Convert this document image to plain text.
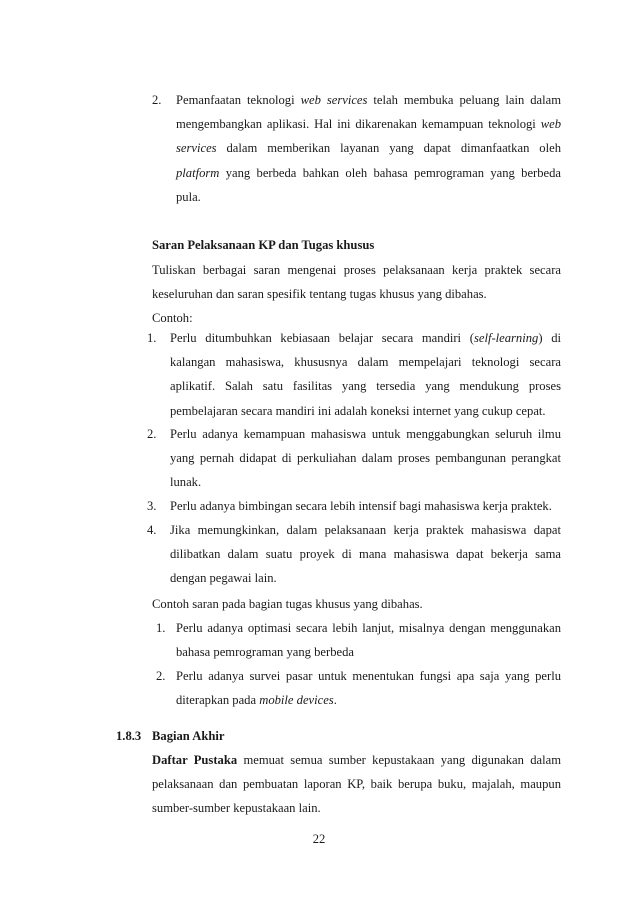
2. Pemanfaatan teknologi web services telah membuka peluang lain dalam
mengembangkan aplikasi. Hal ini dikarenakan kemampuan teknologi web
services dalam memberikan layanan yang dapat dimanfaatkan oleh
platform yang berbeda bahkan oleh bahasa pemrograman yang berbeda
pula.
Saran Pelaksanaan KP dan Tugas khusus
Tuliskan berbagai saran mengenai proses pelaksanaan kerja praktek secara
keseluruhan dan saran spesifik tentang tugas khusus yang dibahas.
Contoh:
1. Perlu ditumbuhkan kebiasaan belajar secara mandiri (self-learning) di
kalangan mahasiswa, khususnya dalam mempelajari teknologi secara
aplikatif. Salah satu fasilitas yang tersedia yang mendukung proses
pembelajaran secara mandiri ini adalah koneksi internet yang cukup cepat.
2. Perlu adanya kemampuan mahasiswa untuk menggabungkan seluruh ilmu
yang pernah didapat di perkuliahan dalam proses pembangunan perangkat
lunak.
3. Perlu adanya bimbingan secara lebih intensif bagi mahasiswa kerja praktek.
4. Jika memungkinkan, dalam pelaksanaan kerja praktek mahasiswa dapat
dilibatkan dalam suatu proyek di mana mahasiswa dapat bekerja sama
dengan pegawai lain.
Contoh saran pada bagian tugas khusus yang dibahas.
1. Perlu adanya optimasi secara lebih lanjut, misalnya dengan menggunakan
bahasa pemrograman yang berbeda
2. Perlu adanya survei pasar untuk menentukan fungsi apa saja yang perlu
diterapkan pada mobile devices.
1.8.3 Bagian Akhir
Daftar Pustaka memuat semua sumber kepustakaan yang digunakan dalam
pelaksanaan dan pembuatan laporan KP, baik berupa buku, majalah, maupun
sumber-sumber kepustakaan lain.
22
